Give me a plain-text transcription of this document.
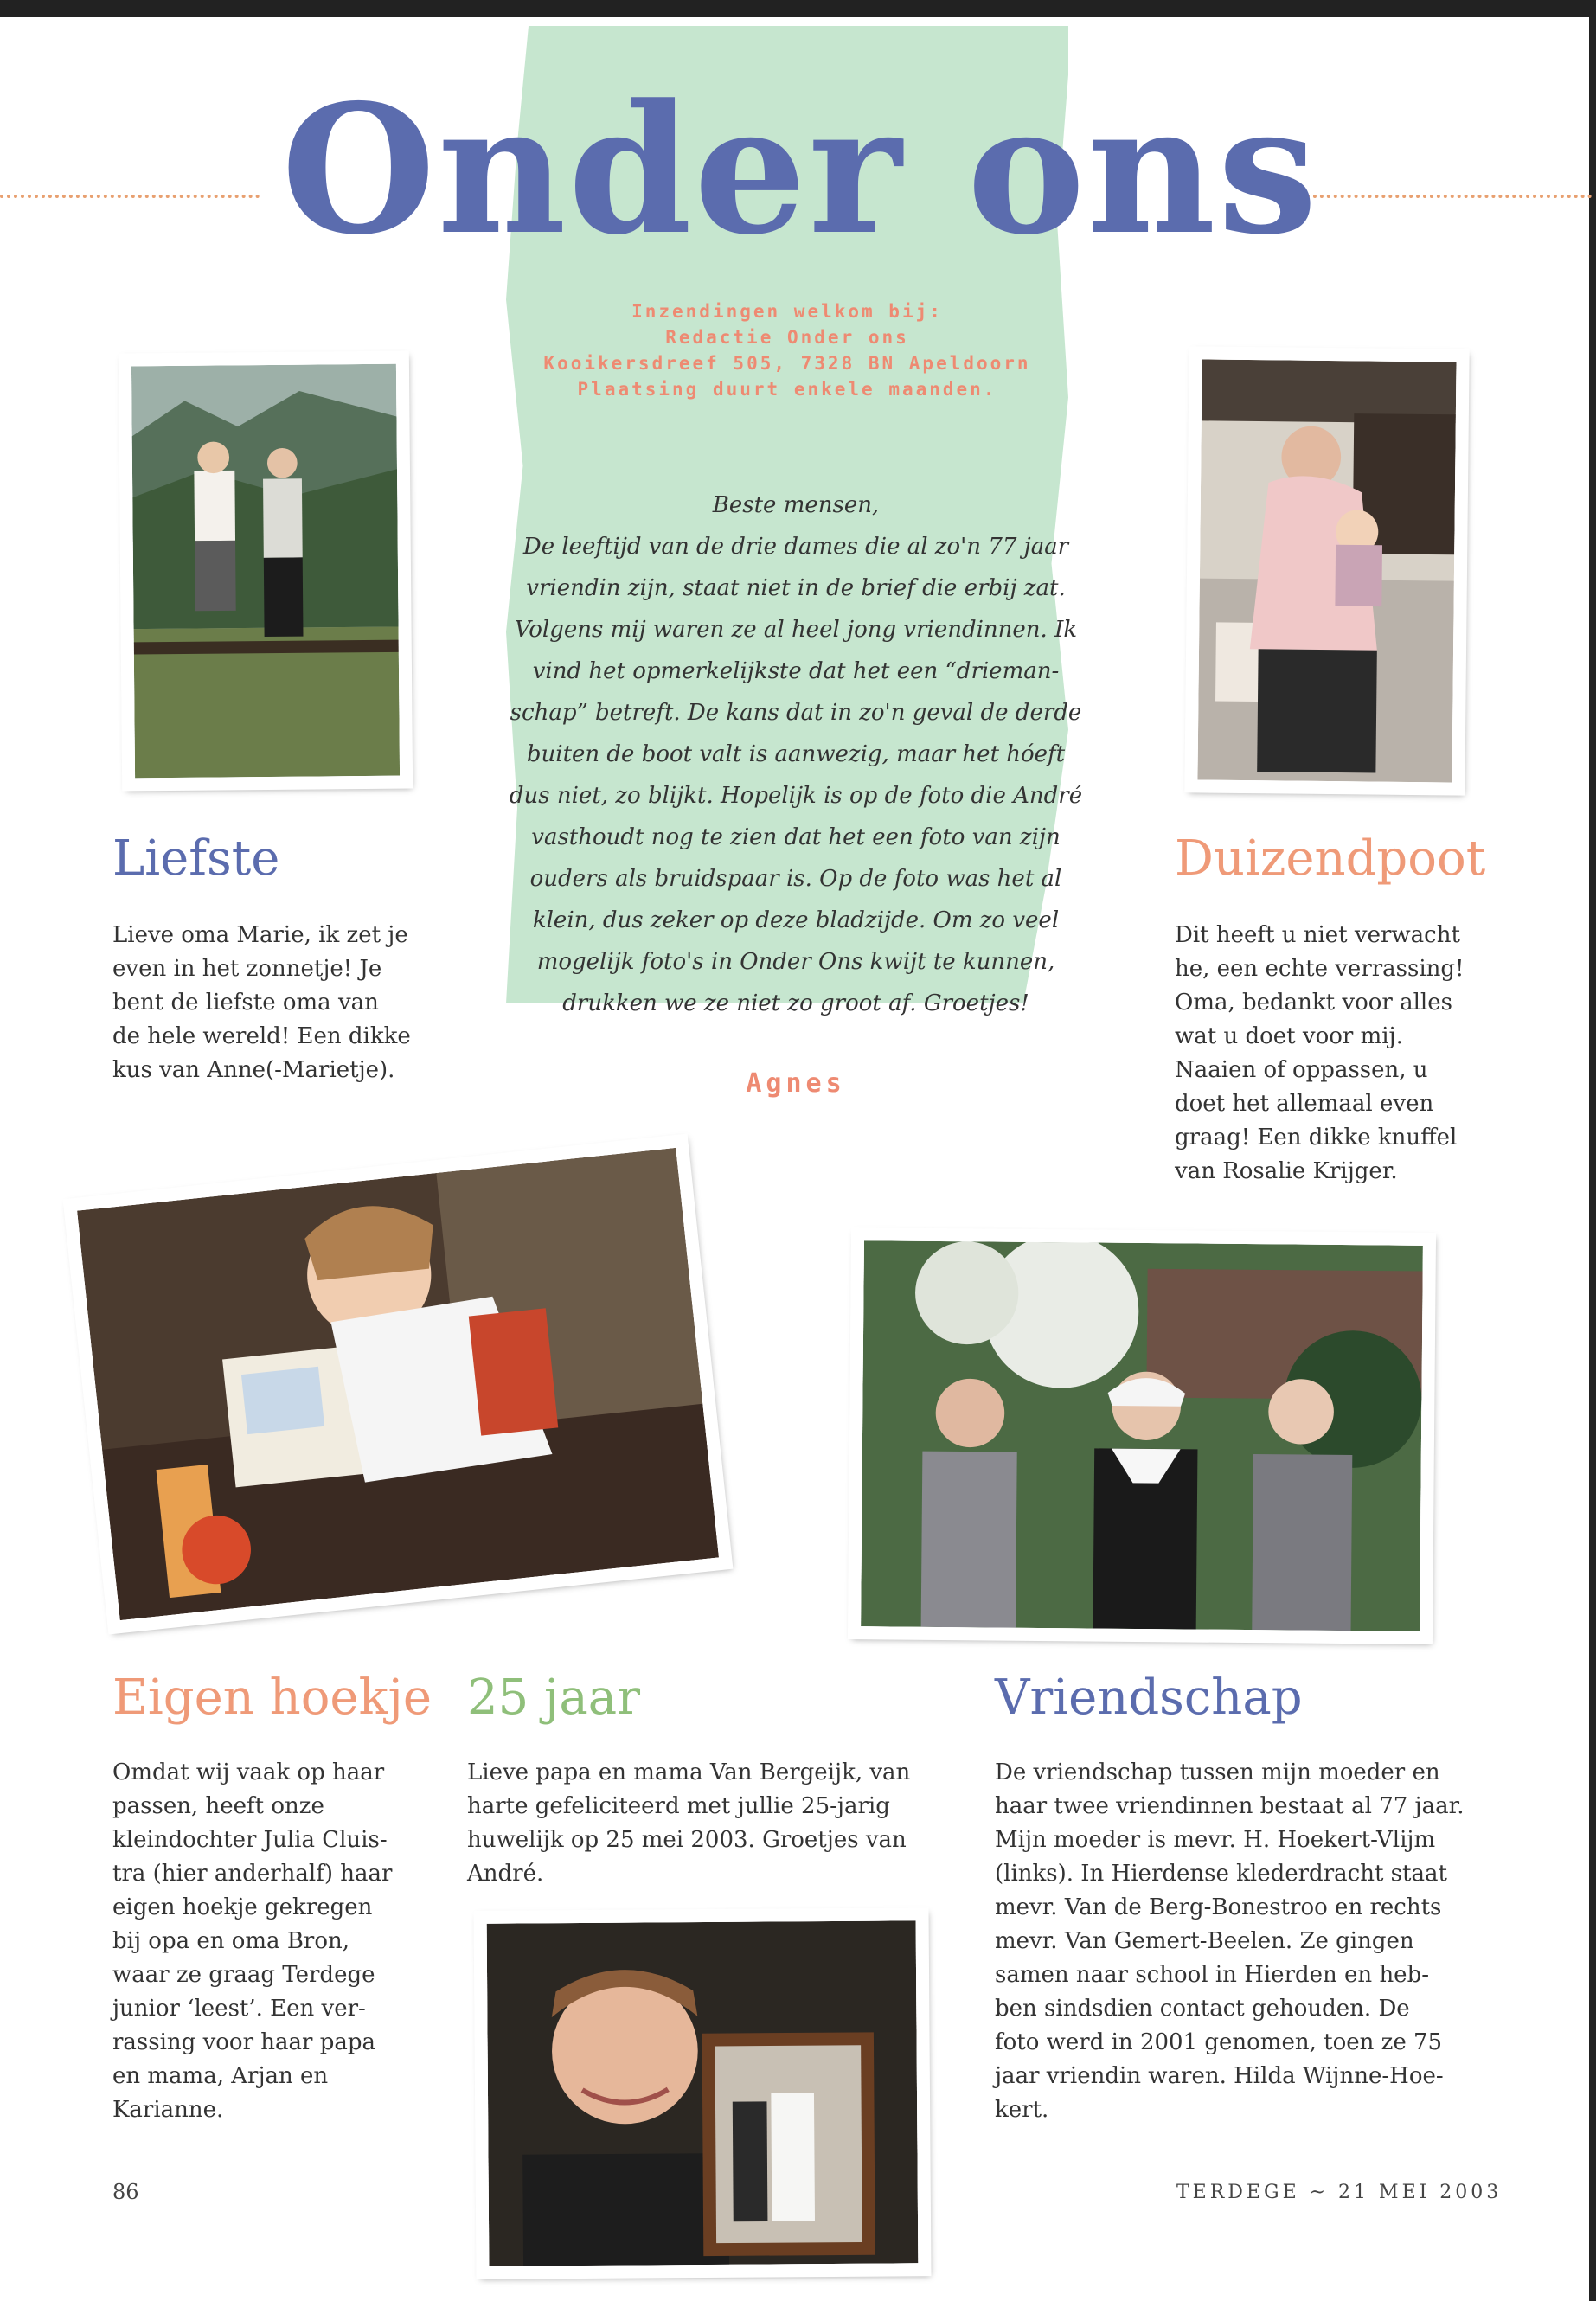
Onder ons
Inzendingen welkom bij:
Redactie Onder ons
Kooikersdreef 505, 7328 BN Apeldoorn
Plaatsing duurt enkele maanden.
Beste mensen,
De leeftijd van de drie dames die al zo'n 77 jaar
vriendin zijn, staat niet in de brief die erbij zat.
Volgens mij waren ze al heel jong vriendinnen. Ik
vind het opmerkelijkste dat het een “drieman-
schap” betreft. De kans dat in zo'n geval de derde
buiten de boot valt is aanwezig, maar het hóeft
dus niet, zo blijkt. Hopelijk is op de foto die André
vasthoudt nog te zien dat het een foto van zijn
ouders als bruidspaar is. Op de foto was het al
klein, dus zeker op deze bladzijde. Om zo veel
mogelijk foto's in Onder Ons kwijt te kunnen,
drukken we ze niet zo groot af. Groetjes!
Agnes
Liefste	Duizendpoot
Eigen hoekje 25 jaar	Vriendschap
Lieve oma Marie, ik zet je
even in het zonnetje! Je
bent de liefste oma van
de hele wereld! Een dikke
kus van Anne(-Marietje).
Dit heeft u niet verwacht
he, een echte verrassing!
Oma, bedankt voor alles
wat u doet voor mij.
Naaien of oppassen, u
doet het allemaal even
graag! Een dikke knuffel
van Rosalie Krijger.
Omdat wij vaak op haar
passen, heeft onze
kleindochter Julia Cluis-
tra (hier anderhalf) haar
eigen hoekje gekregen
bij opa en oma Bron,
waar ze graag Terdege
junior ‘leest’. Een ver-
rassing voor haar papa
en mama, Arjan en
Karianne.
Lieve papa en mama Van Bergeijk, van
harte gefeliciteerd met jullie 25-jarig
huwelijk op 25 mei 2003. Groetjes van
André.
De vriendschap tussen mijn moeder en
haar twee vriendinnen bestaat al 77 jaar.
Mijn moeder is mevr. H. Hoekert-Vlijm
(links). In Hierdense klederdracht staat
mevr. Van de Berg-Bonestroo en rechts
mevr. Van Gemert-Beelen. Ze gingen
samen naar school in Hierden en heb-
ben sindsdien contact gehouden. De
foto werd in 2001 genomen, toen ze 75
jaar vriendin waren. Hilda Wijnne-Hoe-
kert.
86	TERDEGE ~ 21 MEI 2003
